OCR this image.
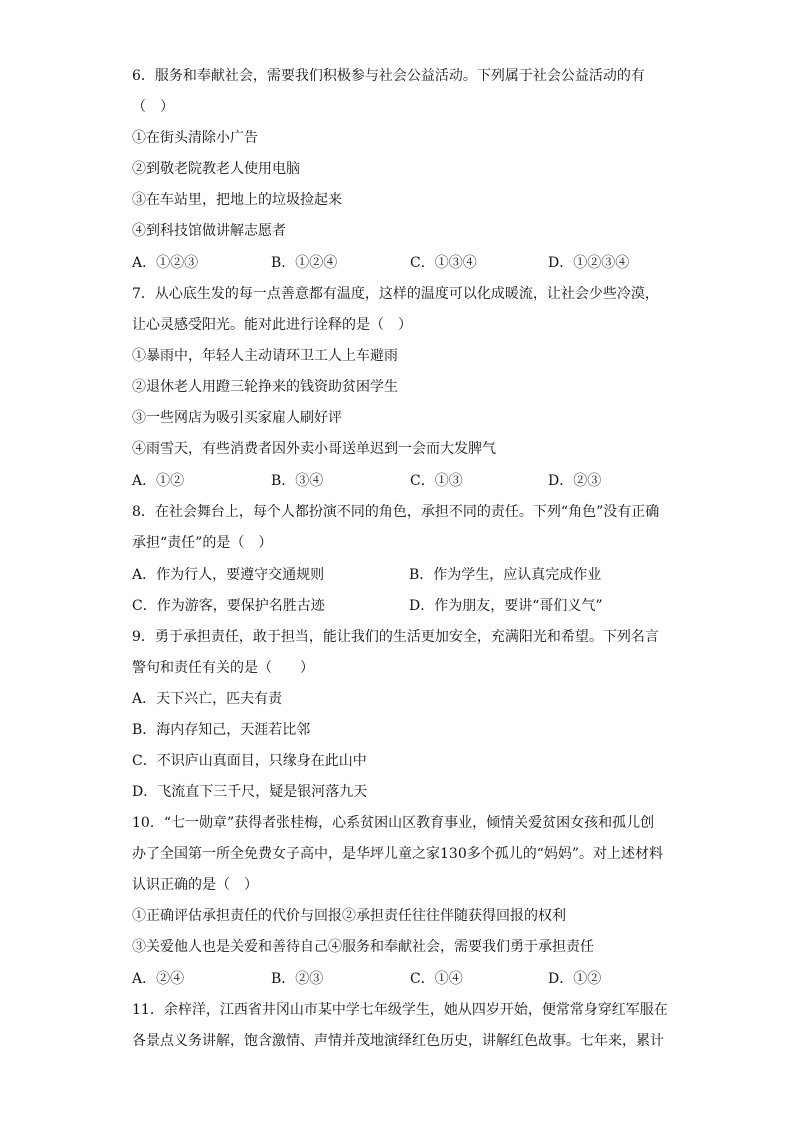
6．服务和奉献社会，需要我们积极参与社会公益活动。下列属于社会公益活动的有
（　）
①在街头清除小广告
②到敬老院教老人使用电脑
③在车站里，把地上的垃圾捡起来
④到科技馆做讲解志愿者
A．①②③	B．①②④	C．①③④	D．①②③④
7．从心底生发的每一点善意都有温度，这样的温度可以化成暖流，让社会少些冷漠，
让心灵感受阳光。能对此进行诠释的是（　）
①暴雨中，年轻人主动请环卫工人上车避雨
②退休老人用蹬三轮挣来的钱资助贫困学生
③一些网店为吸引买家雇人刷好评
④雨雪天，有些消费者因外卖小哥送单迟到一会而大发脾气
A．①②	B．③④	C．①③	D．②③
8．在社会舞台上，每个人都扮演不同的角色，承担不同的责任。下列“角色”没有正确
承担“责任”的是（　）
A．作为行人，要遵守交通规则	B．作为学生，应认真完成作业
C．作为游客，要保护名胜古迹	D．作为朋友，要讲“哥们义气”
9．勇于承担责任，敢于担当，能让我们的生活更加安全，充满阳光和希望。下列名言
警句和责任有关的是（　　）
A．天下兴亡，匹夫有责
B．海内存知己，天涯若比邻
C．不识庐山真面目，只缘身在此山中
D．飞流直下三千尺，疑是银河落九天
10．“七一勋章”获得者张桂梅，心系贫困山区教育事业，倾情关爱贫困女孩和孤儿创
办了全国第一所全免费女子高中，是华坪儿童之家130多个孤儿的“妈妈”。对上述材料
认识正确的是（　）
①正确评估承担责任的代价与回报②承担责任往往伴随获得回报的权利
③关爱他人也是关爱和善待自己④服务和奉献社会，需要我们勇于承担责任
A．②④	B．②③	C．①④	D．①②
11．余梓洋，江西省井冈山市某中学七年级学生，她从四岁开始，便常常身穿红军服在
各景点义务讲解，饱含激情、声情并茂地演绎红色历史，讲解红色故事。七年来，累计
